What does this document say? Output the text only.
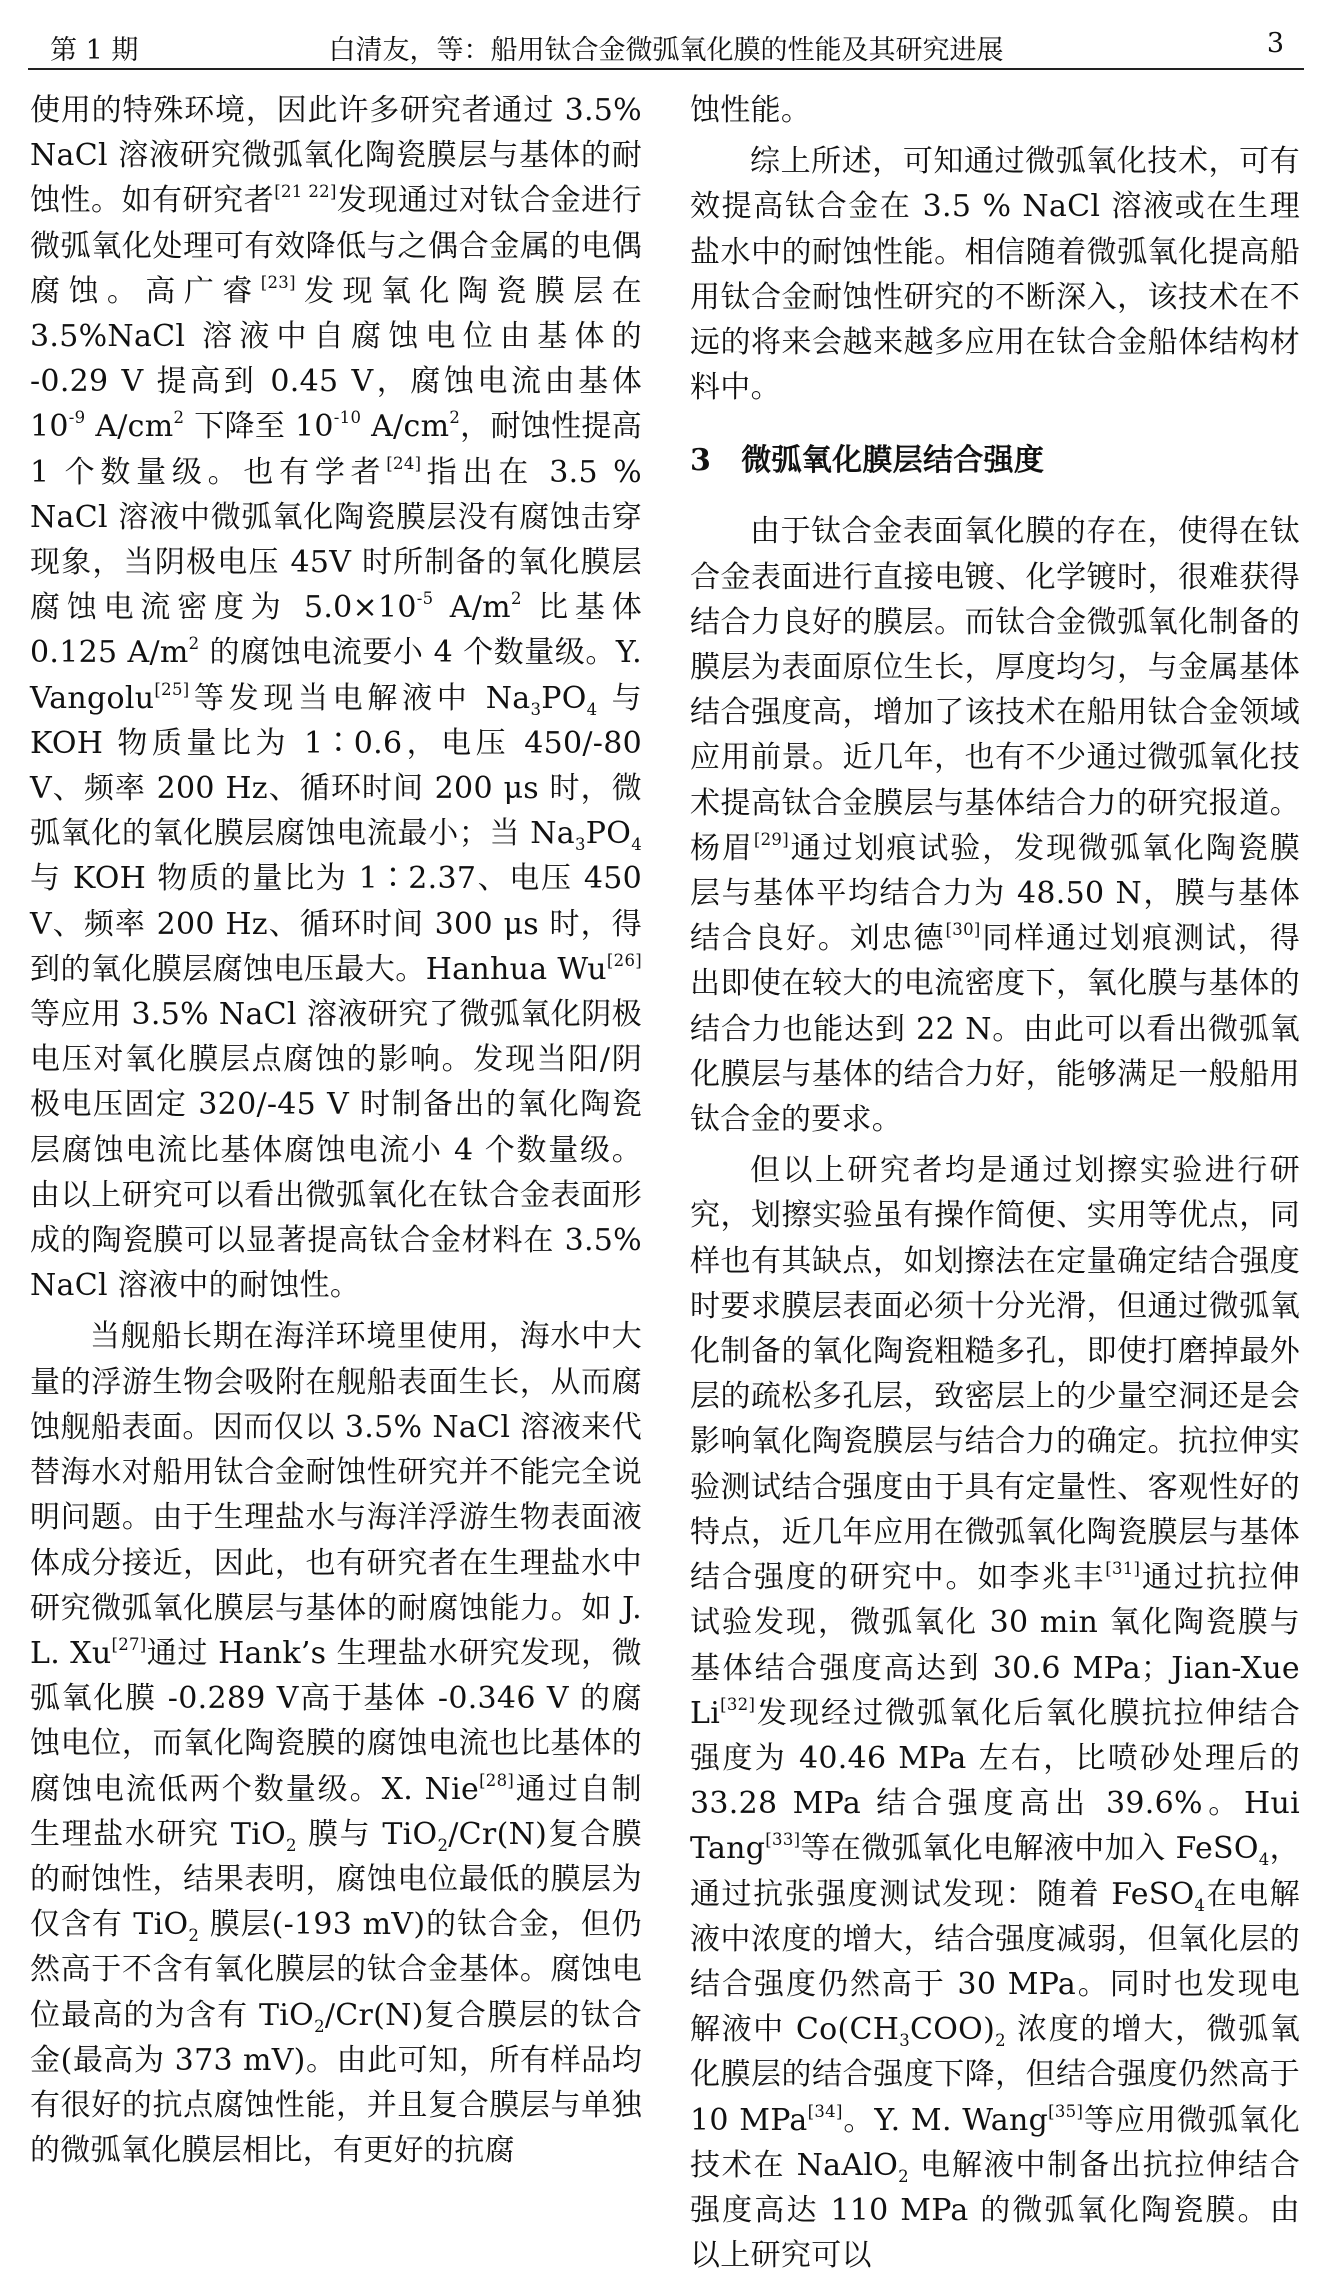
第 1 期	白清友，等：船用钛合金微弧氧化膜的性能及其研究进展	3

使用的特殊环境，因此许多研究者通过 3.5% NaCl 溶液研究微弧氧化陶瓷膜层与基体的耐蚀性。如有研究者[21 22]发现通过对钛合金进行微弧氧化处理可有效降低与之偶合金属的电偶腐蚀。高广睿[23]发现氧化陶瓷膜层在 3.5%NaCl 溶液中自腐蚀电位由基体的 -0.29 V 提高到 0.45 V，腐蚀电流由基体 $10^{-9}$ $A/cm^2$ 下降至 $10^{-10}$ $A/cm^2$，耐蚀性提高 1 个数量级。也有学者[24]指出在 3.5 % NaCl 溶液中微弧氧化陶瓷膜层没有腐蚀击穿现象，当阴极电压 45V 时所制备的氧化膜层腐蚀电流密度为 $5.0\times 10^{-5}$ $A/m^2$ 比基体 0.125 $A/m^2$ 的腐蚀电流要小 4 个数量级。Y. Vangolu[25]等发现当电解液中 $Na_3PO_4$ 与 KOH 物质量比为 1∶0.6，电压 450/-80 V、频率 200 Hz、循环时间 200 μs 时，微弧氧化的氧化膜层腐蚀电流最小；当 $Na_3PO_4$ 与 KOH 物质的量比为 1∶2.37、电压 450 V、频率 200 Hz、循环时间 300 μs 时，得到的氧化膜层腐蚀电压最大。Hanhua Wu[26]等应用 3.5% NaCl 溶液研究了微弧氧化阴极电压对氧化膜层点腐蚀的影响。发现当阳/阴极电压固定 320/-45 V 时制备出的氧化陶瓷层腐蚀电流比基体腐蚀电流小 4 个数量级。由以上研究可以看出微弧氧化在钛合金表面形成的陶瓷膜可以显著提高钛合金材料在 3.5% NaCl 溶液中的耐蚀性。

当舰船长期在海洋环境里使用，海水中大量的浮游生物会吸附在舰船表面生长，从而腐蚀舰船表面。因而仅以 3.5% NaCl 溶液来代替海水对船用钛合金耐蚀性研究并不能完全说明问题。由于生理盐水与海洋浮游生物表面液体成分接近，因此，也有研究者在生理盐水中研究微弧氧化膜层与基体的耐腐蚀能力。如 J. L. Xu[27]通过 Hank’s 生理盐水研究发现，微弧氧化膜 -0.289 V高于基体 -0.346 V 的腐蚀电位，而氧化陶瓷膜的腐蚀电流也比基体的腐蚀电流低两个数量级。X. Nie[28]通过自制生理盐水研究 TiO$_2$ 膜与 TiO$_2$/Cr(N)复合膜的耐蚀性，结果表明，腐蚀电位最低的膜层为仅含有 TiO$_2$ 膜层(-193 mV)的钛合金，但仍然高于不含有氧化膜层的钛合金基体。腐蚀电位最高的为含有 TiO$_2$/Cr(N)复合膜层的钛合金(最高为 373 mV)。由此可知，所有样品均有很好的抗点腐蚀性能，并且复合膜层与单独的微弧氧化膜层相比，有更好的抗腐

蚀性能。

综上所述，可知通过微弧氧化技术，可有效提高钛合金在 3.5 % NaCl 溶液或在生理盐水中的耐蚀性能。相信随着微弧氧化提高船用钛合金耐蚀性研究的不断深入，该技术在不远的将来会越来越多应用在钛合金船体结构材料中。

3 微弧氧化膜层结合强度

由于钛合金表面氧化膜的存在，使得在钛合金表面进行直接电镀、化学镀时，很难获得结合力良好的膜层。而钛合金微弧氧化制备的膜层为表面原位生长，厚度均匀，与金属基体结合强度高，增加了该技术在船用钛合金领域应用前景。近几年，也有不少通过微弧氧化技术提高钛合金膜层与基体结合力的研究报道。杨眉[29]通过划痕试验，发现微弧氧化陶瓷膜层与基体平均结合力为 48.50 N，膜与基体结合良好。刘忠德[30]同样通过划痕测试，得出即使在较大的电流密度下，氧化膜与基体的结合力也能达到 22 N。由此可以看出微弧氧化膜层与基体的结合力好，能够满足一般船用钛合金的要求。

但以上研究者均是通过划擦实验进行研究，划擦实验虽有操作简便、实用等优点，同样也有其缺点，如划擦法在定量确定结合强度时要求膜层表面必须十分光滑，但通过微弧氧化制备的氧化陶瓷粗糙多孔，即使打磨掉最外层的疏松多孔层，致密层上的少量空洞还是会影响氧化陶瓷膜层与结合力的确定。抗拉伸实验测试结合强度由于具有定量性、客观性好的特点，近几年应用在微弧氧化陶瓷膜层与基体结合强度的研究中。如李兆丰[31]通过抗拉伸试验发现，微弧氧化 30 min 氧化陶瓷膜与基体结合强度高达到 30.6 MPa；Jian-Xue Li[32]发现经过微弧氧化后氧化膜抗拉伸结合强度为 40.46 MPa 左右，比喷砂处理后的 33.28 MPa 结合强度高出 39.6%。Hui Tang[33]等在微弧氧化电解液中加入 FeSO$_4$，通过抗张强度测试发现：随着 FeSO$_4$在电解液中浓度的增大，结合强度减弱，但氧化层的结合强度仍然高于 30 MPa。同时也发现电解液中 $Co(CH_3COO)_2$ 浓度的增大，微弧氧化膜层的结合强度下降，但结合强度仍然高于 10 MPa[34]。Y. M. Wang[35]等应用微弧氧化技术在 NaAlO$_2$ 电解液中制备出抗拉伸结合强度高达 110 MPa 的微弧氧化陶瓷膜。由以上研究可以
